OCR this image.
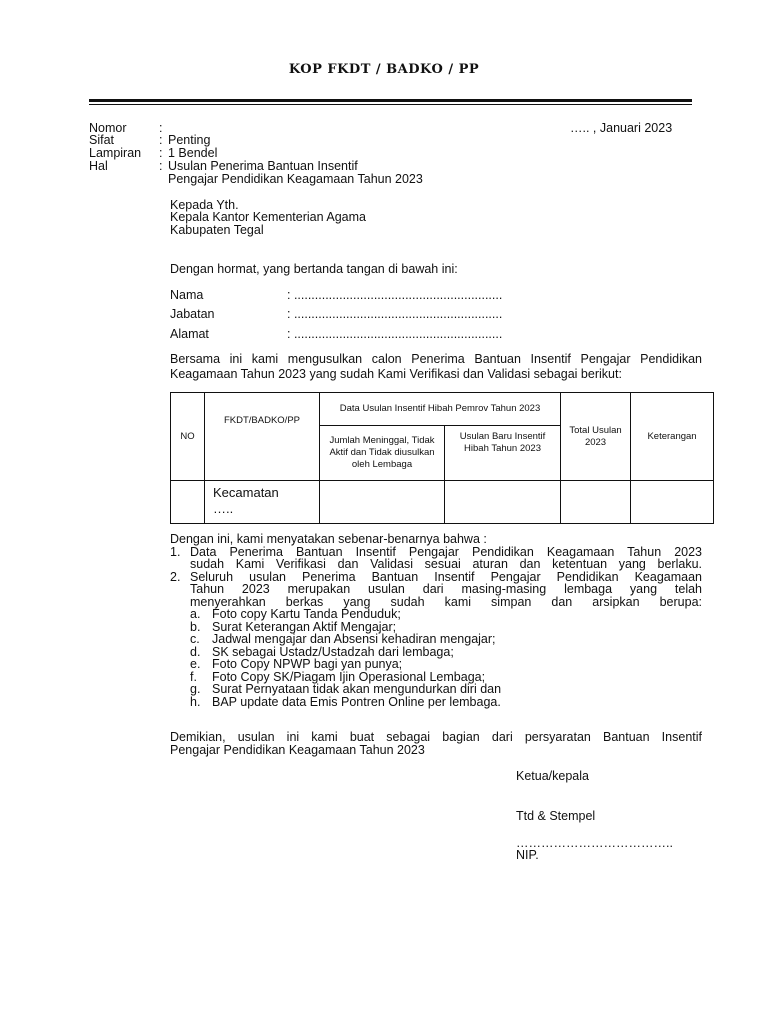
KOP FKDT / BADKO / PP
Nomor	:	….. , Januari 2023
Sifat	: Penting
Lampiran : 1 Bendel
Hal	: Usulan Penerima Bantuan Insentif
Pengajar Pendidikan Keagamaan Tahun 2023
Kepada Yth.
Kepala Kantor Kementerian Agama
Kabupaten Tegal
Dengan hormat, yang bertanda tangan di bawah ini:
Nama	: ............................................................
Jabatan	: ............................................................
Alamat	: ............................................................
Bersama ini kami mengusulkan calon Penerima Bantuan Insentif Pengajar Pendidikan
Keagamaan Tahun 2023 yang sudah Kami Verifikasi dan Validasi sebagai berikut:
NO	FKDT/BADKO/PP	Data Usulan Insentif Hibah Pemrov Tahun 2023		Total Usulan 2023	Keterangan
		Jumlah Meninggal, Tidak Aktif dan Tidak diusulkan oleh Lembaga	Usulan Baru Insentif Hibah Tahun 2023		

	Kecamatan
…..				

Dengan ini, kami menyatakan sebenar-benarnya bahwa :
1. Data Penerima Bantuan Insentif Pengajar Pendidikan Keagamaan Tahun 2023
sudah Kami Verifikasi dan Validasi sesuai aturan dan ketentuan yang berlaku.
2. Seluruh usulan Penerima Bantuan Insentif Pengajar Pendidikan Keagamaan
Tahun 2023 merupakan usulan dari masing-masing lembaga yang telah
menyerahkan berkas yang sudah kami simpan dan arsipkan berupa:
a. Foto copy Kartu Tanda Penduduk;
b. Surat Keterangan Aktif Mengajar;
c. Jadwal mengajar dan Absensi kehadiran mengajar;
d. SK sebagai Ustadz/Ustadzah dari lembaga;
e. Foto Copy NPWP bagi yan punya;
f. Foto Copy SK/Piagam Ijin Operasional Lembaga;
g. Surat Pernyataan tidak akan mengundurkan diri dan
h. BAP update data Emis Pontren Online per lembaga.
Demikian, usulan ini kami buat sebagai bagian dari persyaratan Bantuan Insentif
Pengajar Pendidikan Keagamaan Tahun 2023
Ketua/kepala
Ttd & Stempel
………………………………..
NIP.
